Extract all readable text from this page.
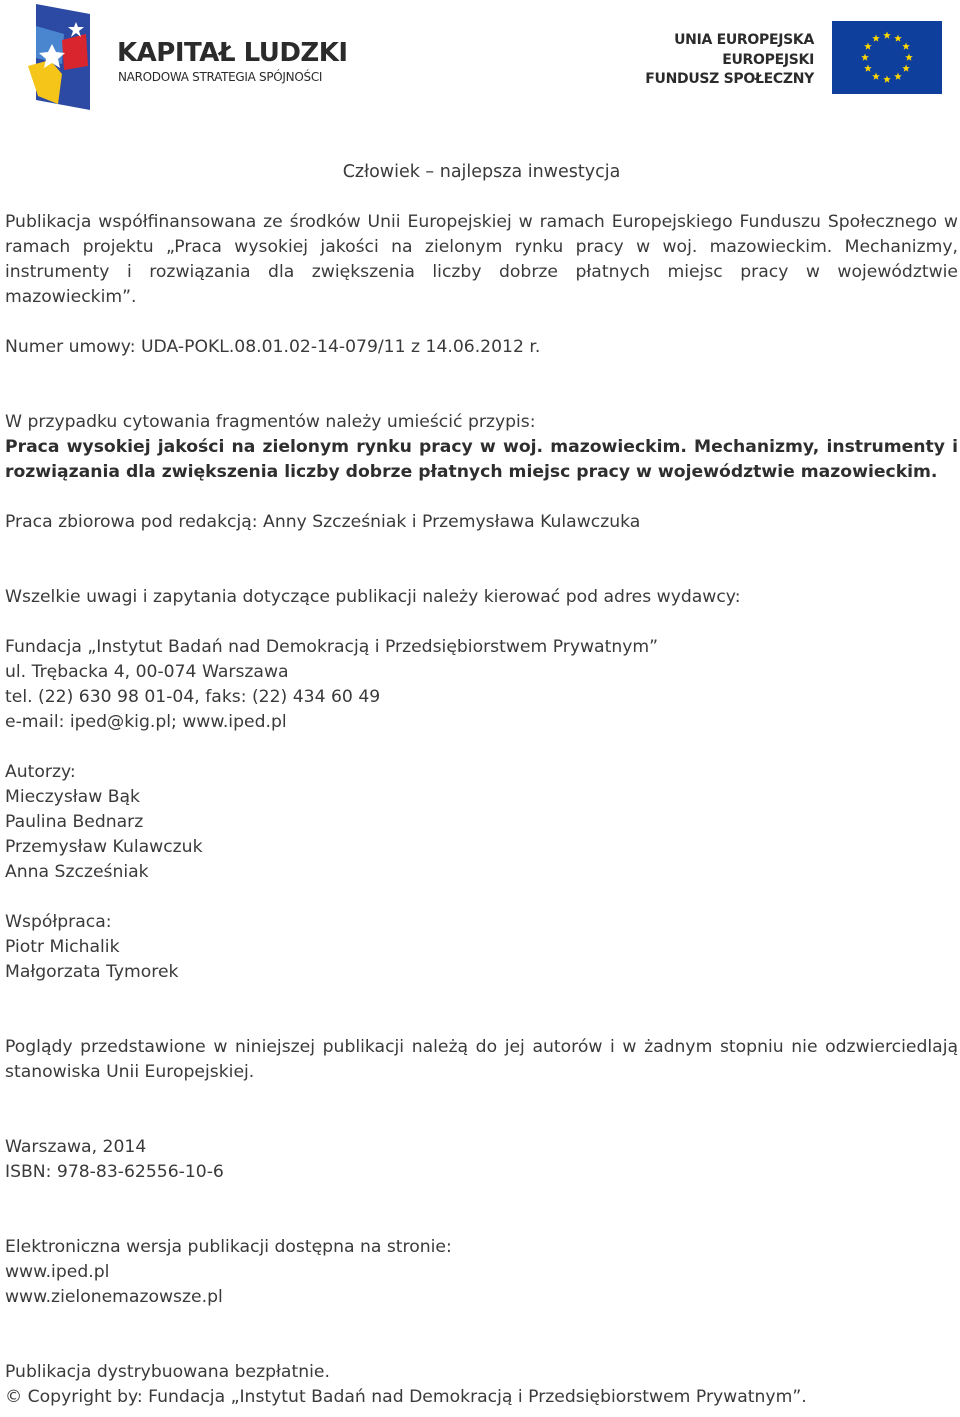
KAPITAŁ LUDZKI
NARODOWA STRATEGIA SPÓJNOŚCI
UNIA EUROPEJSKA
EUROPEJSKI
FUNDUSZ SPOŁECZNY
Człowiek – najlepsza inwestycja

Publikacja współfinansowana ze środków Unii Europejskiej w ramach Europejskiego Funduszu Społecznego w ramach projektu „Praca wysokiej jakości na zielonym rynku pracy w woj. mazowieckim. Mechanizmy, instrumenty i rozwiązania dla zwiększenia liczby dobrze płatnych miejsc pracy w województwie mazowieckim”.

Numer umowy: UDA-POKL.08.01.02-14-079/11 z 14.06.2012 r.

W przypadku cytowania fragmentów należy umieścić przypis:

Praca wysokiej jakości na zielonym rynku pracy w woj. mazowieckim. Mechanizmy, instrumenty i rozwiązania dla zwiększenia liczby dobrze płatnych miejsc pracy w województwie mazowieckim.

Praca zbiorowa pod redakcją: Anny Szcześniak i Przemysława Kulawczuka

Wszelkie uwagi i zapytania dotyczące publikacji należy kierować pod adres wydawcy:

Fundacja „Instytut Badań nad Demokracją i Przedsiębiorstwem Prywatnym”
ul. Trębacka 4, 00-074 Warszawa
tel. (22) 630 98 01-04, faks: (22) 434 60 49
e-mail: iped@kig.pl; www.iped.pl
Autorzy:
Mieczysław Bąk
Paulina Bednarz
Przemysław Kulawczuk
Anna Szcześniak
Współpraca:
Piotr Michalik
Małgorzata Tymorek

Poglądy przedstawione w niniejszej publikacji należą do jej autorów i w żadnym stopniu nie odzwierciedlają stanowiska Unii Europejskiej.

Warszawa, 2014

ISBN: 978-83-62556-10-6

Elektroniczna wersja publikacji dostępna na stronie:
www.iped.pl
www.zielonemazowsze.pl

Publikacja dystrybuowana bezpłatnie.

© Copyright by: Fundacja „Instytut Badań nad Demokracją i Przedsiębiorstwem Prywatnym”.
